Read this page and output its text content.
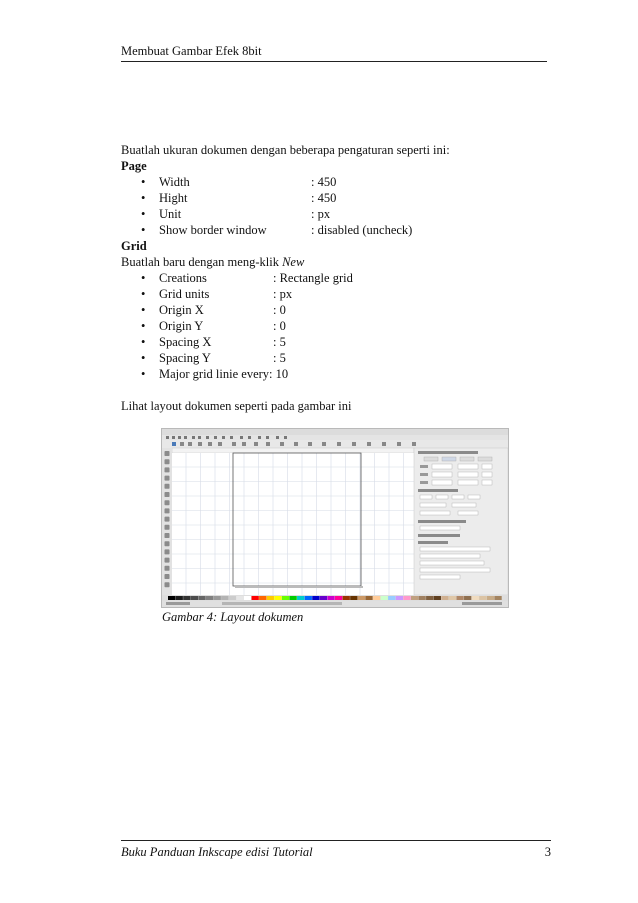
Membuat Gambar Efek 8bit
Buatlah ukuran dokumen dengan beberapa pengaturan seperti ini:
Page
• Width	: 450
• Hight	: 450
• Unit	: px
• Show border window	: disabled (uncheck)
Grid
Buatlah baru dengan meng-klik New
• Creations	: Rectangle grid
• Grid units	: px
• Origin X	: 0
• Origin Y	: 0
• Spacing X	: 5
• Spacing Y	: 5
• Major grid linie every: 10
Lihat layout dokumen seperti pada gambar ini
Gambar 4: Layout dokumen
Buku Panduan Inkscape edisi Tutorial	3
